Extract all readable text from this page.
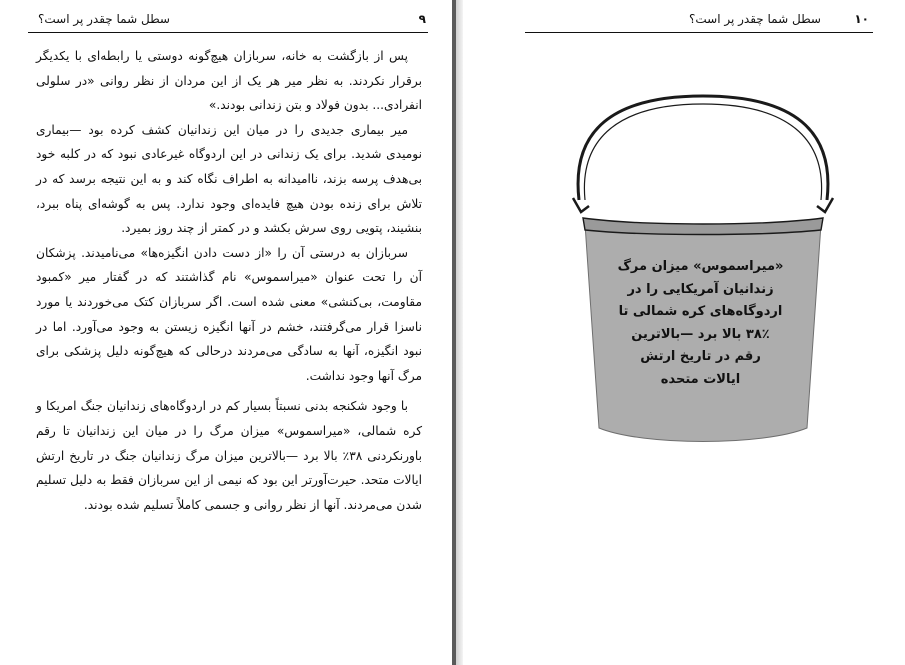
سطل شما چقدر پر است؟	۹

پس از بازگشت به خانه، سربازان هیچ‌گونه دوستی یا رابطه‌ای با یکدیگر برقرار نکردند. به نظر میر هر یک از این مردان از نظر روانی «در سلولی انفرادی... بدون فولاد و بتن زندانی بودند.»

میر بیماری جدیدی را در میان این زندانیان کشف کرده بود —بیماری نومیدی شدید. برای یک زندانی در این اردوگاه غیرعادی نبود که در کلبه خود بی‌هدف پرسه بزند، ناامیدانه به اطراف نگاه کند و به این نتیجه برسد که در تلاش برای زنده بودن هیچ فایده‌ای وجود ندارد. پس به گوشه‌ای پناه ببرد، بنشیند، پتویی روی سرش بکشد و در کمتر از چند روز بمیرد.

سربازان به درستی آن را «از دست دادن انگیزه‌ها» می‌نامیدند. پزشکان آن را تحت عنوان «میراسموس» نام گذاشتند که در گفتار میر «کمبود مقاومت، بی‌کنشی» معنی شده است. اگر سربازان کتک می‌خوردند یا مورد ناسزا قرار می‌گرفتند، خشم در آنها انگیزه زیستن به وجود می‌آورد. اما در نبود انگیزه، آنها به سادگی می‌مردند درحالی که هیچ‌گونه دلیل پزشکی برای مرگ آنها وجود نداشت.

با وجود شکنجه بدنی نسبتاً بسیار کم در اردوگاه‌های زندانیان جنگ امریکا و کره شمالی، «میراسموس» میزان مرگ را در میان این زندانیان تا رقم باورنکردنی ۳۸٪ بالا برد —بالاترین میزان مرگ زندانیان جنگ در تاریخ ارتش ایالات متحد. حیرت‌آورتر این بود که نیمی از این سربازان فقط به دلیل تسلیم شدن می‌مردند. آنها از نظر روانی و جسمی کاملاً تسلیم شده بودند.

سطل شما چقدر پر است؟	۱۰
«میراسموس» میزان مرگ
زندانیان آمریکایی را در
اردوگاه‌های کره شمالی تا
۳۸٪ بالا برد —بالاترین
رقم در تاریخ ارتش
ایالات متحده
